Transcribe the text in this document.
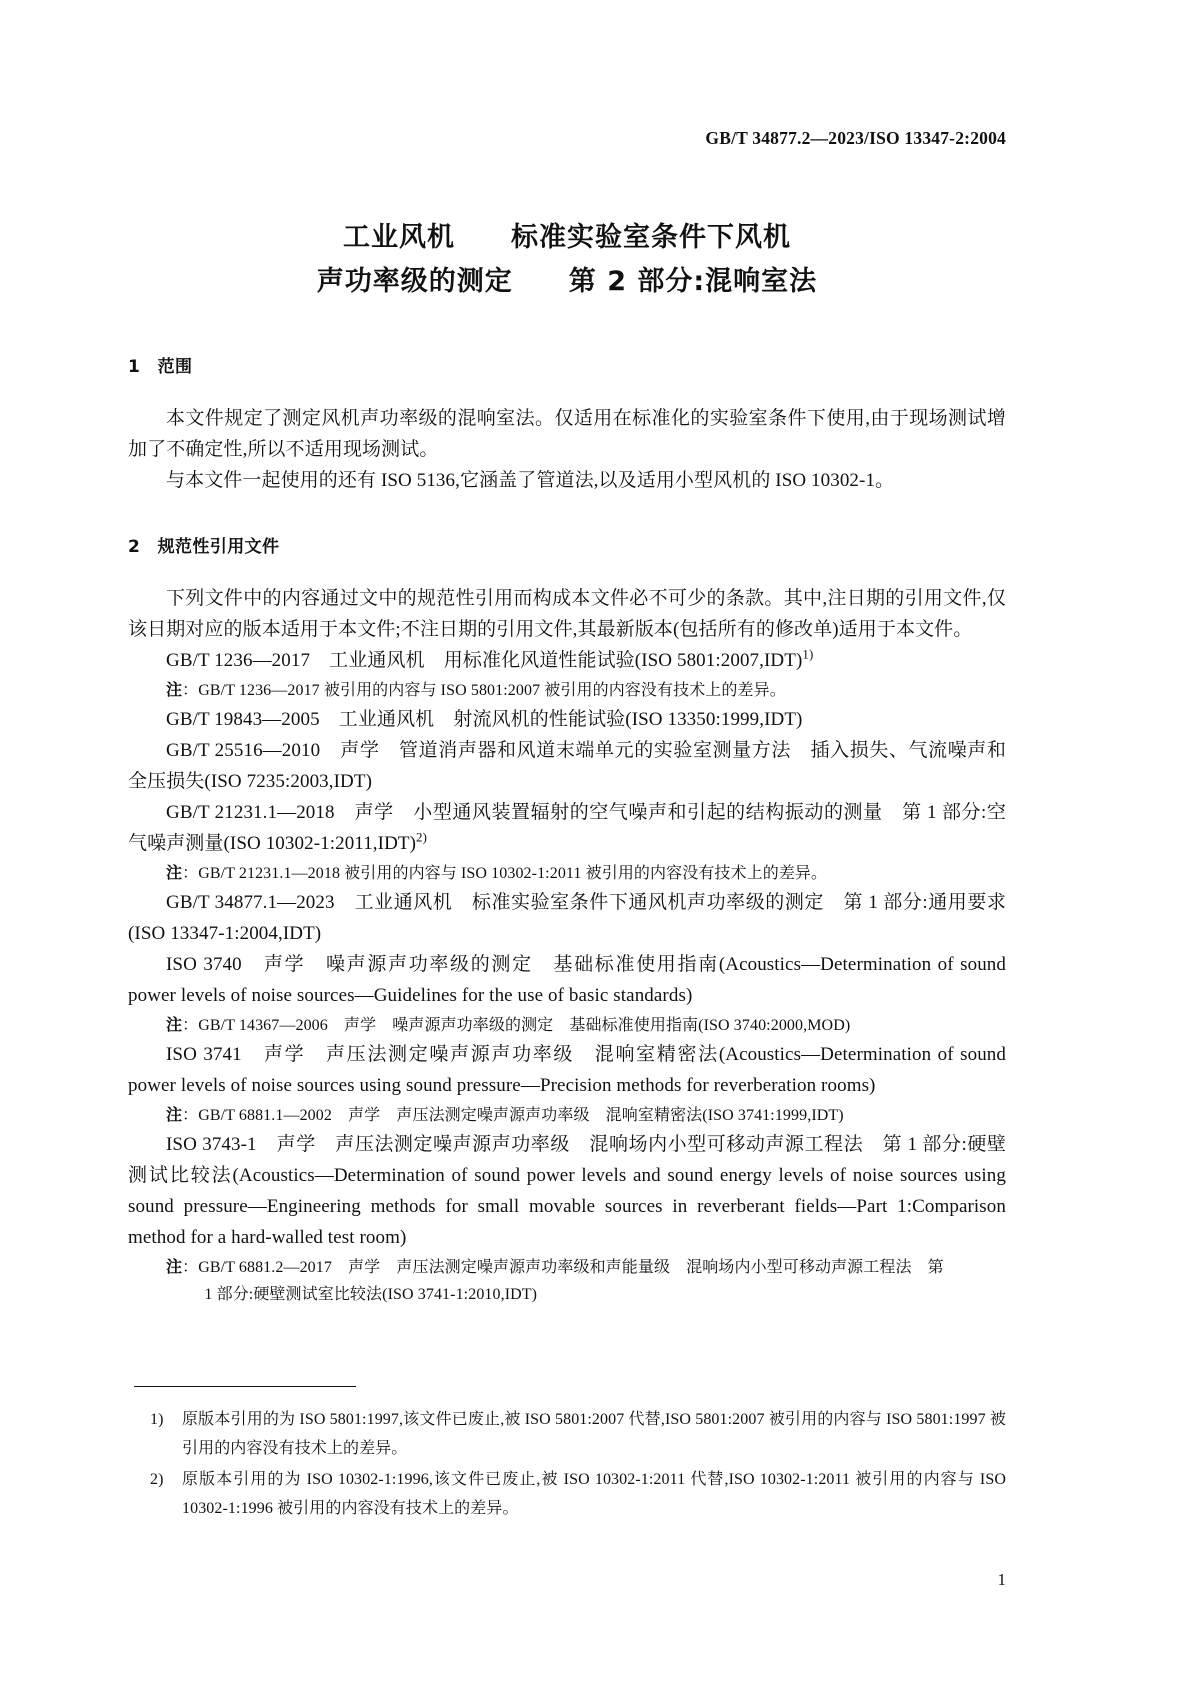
GB/T 34877.2—2023/ISO 13347-2:2004
工业风机　　标准实验室条件下风机
声功率级的测定　　第 2 部分:混响室法
1　范围
本文件规定了测定风机声功率级的混响室法。仅适用在标准化的实验室条件下使用,由于现场测试增加了不确定性,所以不适用现场测试。
与本文件一起使用的还有 ISO 5136,它涵盖了管道法,以及适用小型风机的 ISO 10302-1。
2　规范性引用文件
下列文件中的内容通过文中的规范性引用而构成本文件必不可少的条款。其中,注日期的引用文件,仅该日期对应的版本适用于本文件;不注日期的引用文件,其最新版本(包括所有的修改单)适用于本文件。
GB/T 1236—2017　工业通风机　用标准化风道性能试验(ISO 5801:2007,IDT)$^{1)}$
注：GB/T 1236—2017 被引用的内容与 ISO 5801:2007 被引用的内容没有技术上的差异。
GB/T 19843—2005　工业通风机　射流风机的性能试验(ISO 13350:1999,IDT)
GB/T 25516—2010　声学　管道消声器和风道末端单元的实验室测量方法　插入损失、气流噪声和全压损失(ISO 7235:2003,IDT)
GB/T 21231.1—2018　声学　小型通风装置辐射的空气噪声和引起的结构振动的测量　第 1 部分:空气噪声测量(ISO 10302-1:2011,IDT)$^{2)}$
注：GB/T 21231.1—2018 被引用的内容与 ISO 10302-1:2011 被引用的内容没有技术上的差异。
GB/T 34877.1—2023　工业通风机　标准实验室条件下通风机声功率级的测定　第 1 部分:通用要求(ISO 13347-1:2004,IDT)
ISO 3740　声学　噪声源声功率级的测定　基础标准使用指南(Acoustics—Determination of sound power levels of noise sources—Guidelines for the use of basic standards)
注：GB/T 14367—2006　声学　噪声源声功率级的测定　基础标准使用指南(ISO 3740:2000,MOD)
ISO 3741　声学　声压法测定噪声源声功率级　混响室精密法(Acoustics—Determination of sound power levels of noise sources using sound pressure—Precision methods for reverberation rooms)
注：GB/T 6881.1—2002　声学　声压法测定噪声源声功率级　混响室精密法(ISO 3741:1999,IDT)
ISO 3743-1　声学　声压法测定噪声源声功率级　混响场内小型可移动声源工程法　第 1 部分:硬壁测试比较法(Acoustics—Determination of sound power levels and sound energy levels of noise sources using sound pressure—Engineering methods for small movable sources in reverberant fields—Part 1:Comparison method for a hard-walled test room)
注：GB/T 6881.2—2017　声学　声压法测定噪声源声功率级和声能量级　混响场内小型可移动声源工程法　第
1 部分:硬壁测试室比较法(ISO 3741-1:2010,IDT)
1)	原版本引用的为 ISO 5801:1997,该文件已废止,被 ISO 5801:2007 代替,ISO 5801:2007 被引用的内容与 ISO 5801:1997 被引用的内容没有技术上的差异。
2)	原版本引用的为 ISO 10302-1:1996,该文件已废止,被 ISO 10302-1:2011 代替,ISO 10302-1:2011 被引用的内容与 ISO 10302-1:1996 被引用的内容没有技术上的差异。
1
